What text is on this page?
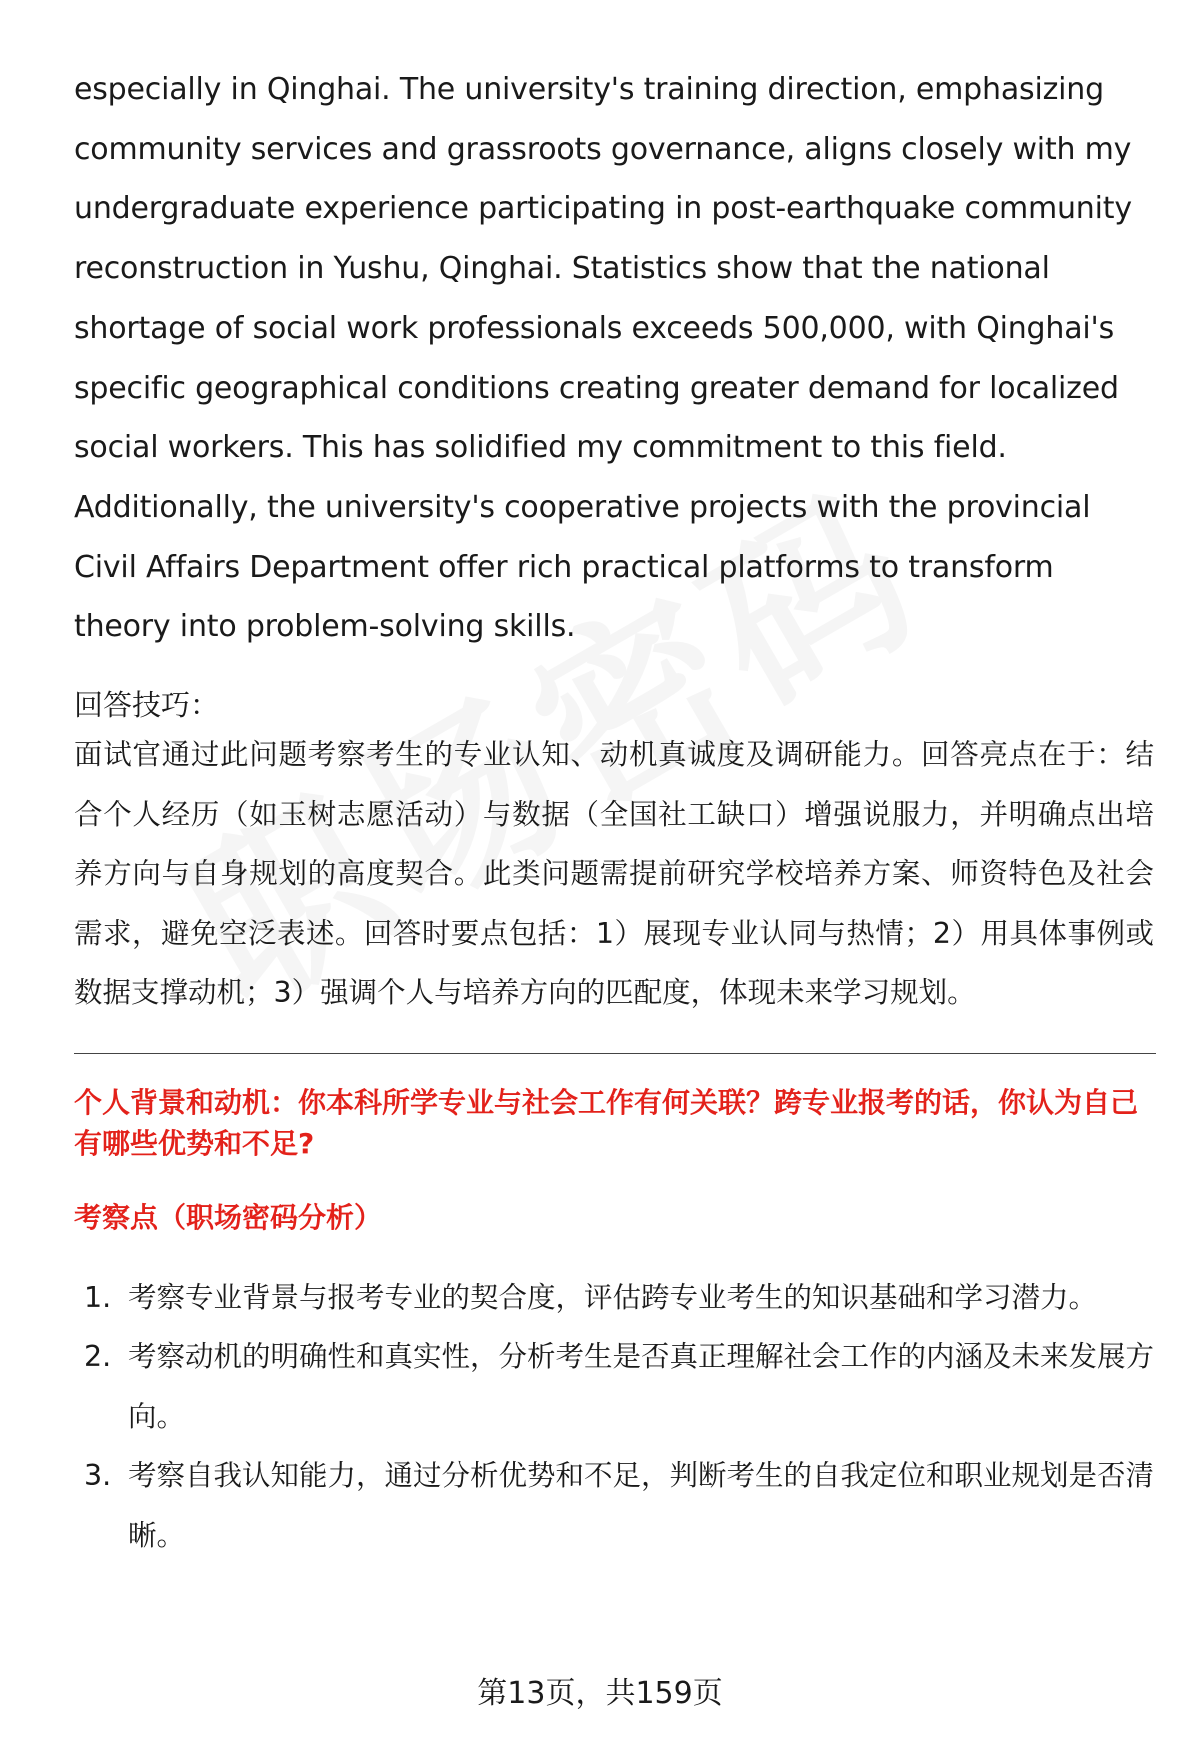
especially in Qinghai. The university's training direction, emphasizing community services and grassroots governance, aligns closely with my undergraduate experience participating in post-earthquake community reconstruction in Yushu, Qinghai. Statistics show that the national shortage of social work professionals exceeds 500,000, with Qinghai's specific geographical conditions creating greater demand for localized social workers. This has solidified my commitment to this field. Additionally, the university's cooperative projects with the provincial Civil Affairs Department offer rich practical platforms to transform theory into problem-solving skills.

回答技巧：

面试官通过此问题考察考生的专业认知、动机真诚度及调研能力。回答亮点在于：结合个人经历（如玉树志愿活动）与数据（全国社工缺口）增强说服力，并明确点出培养方向与自身规划的高度契合。此类问题需提前研究学校培养方案、师资特色及社会需求，避免空泛表述。回答时要点包括：1）展现专业认同与热情；2）用具体事例或数据支撑动机；3）强调个人与培养方向的匹配度，体现未来学习规划。

个人背景和动机：你本科所学专业与社会工作有何关联？跨专业报考的话，你认为自己有哪些优势和不足?

考察点（职场密码分析）

1. 考察专业背景与报考专业的契合度，评估跨专业考生的知识基础和学习潜力。
2. 考察动机的明确性和真实性，分析考生是否真正理解社会工作的内涵及未来发展方向。
3. 考察自我认知能力，通过分析优势和不足，判断考生的自我定位和职业规划是否清晰。
第13页，共159页
